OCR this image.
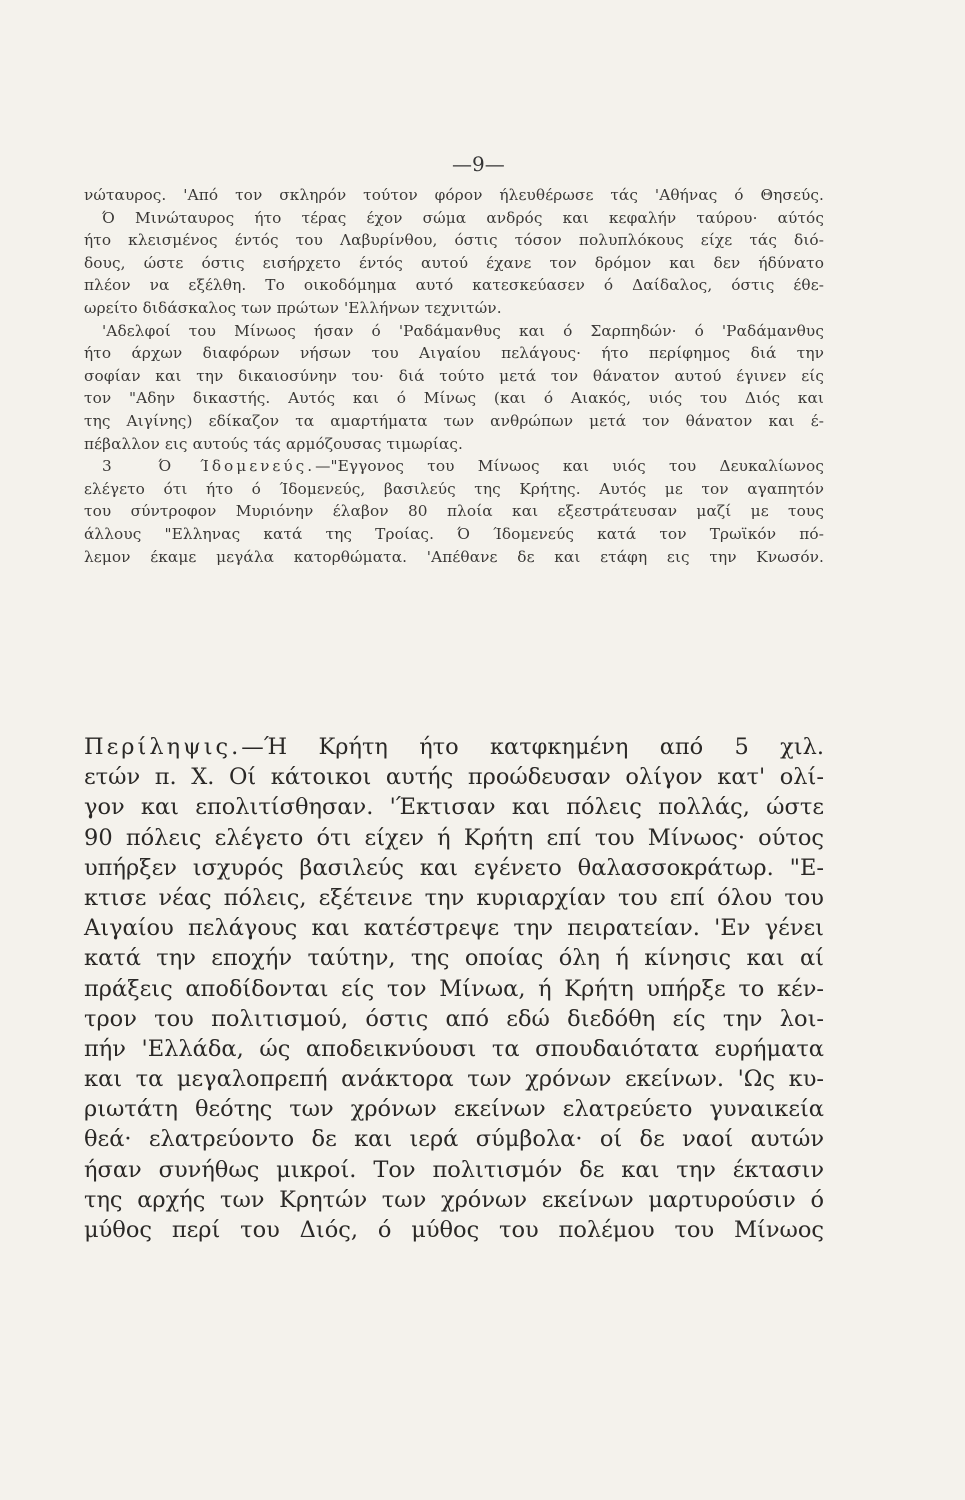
—9—
νώταυρος. 'Από τον σκληρόν τούτον φόρον ήλευθέρωσε τάς 'Αθήνας ό Θησεύς.
Ό Μινώταυρος ήτο τέρας έχον σώμα ανδρός και κεφαλήν ταύρου· αύτός
ήτο κλεισμένος έντός του Λαβυρίνθου, όστις τόσον πολυπλόκους είχε τάς διό-
δους, ώστε όστις εισήρχετο έντός αυτού έχανε τον δρόμον και δεν ήδύνατο
πλέον να εξέλθη. Το οικοδόμημα αυτό κατεσκεύασεν ό Δαίδαλος, όστις έθε-
ωρείτο διδάσκαλος των πρώτων 'Ελλήνων τεχνιτών.
'Αδελφοί του Μίνωος ήσαν ό 'Ραδάμανθυς και ό Σαρπηδών· ό 'Ραδάμανθυς
ήτο άρχων διαφόρων νήσων του Αιγαίου πελάγους· ήτο περίφημος διά την
σοφίαν και την δικαιοσύνην του· διά τούτο μετά τον θάνατον αυτού έγινεν είς
τον "Αδην δικαστής. Αυτός και ό Μίνως (και ό Αιακός, υιός του Διός και
της Αιγίνης) εδίκαζον τα αμαρτήματα των ανθρώπων μετά τον θάνατον και έ-
πέβαλλον εις αυτούς τάς αρμόζουσας τιμωρίας.
3	Ό Ίδομενεύς.—"Εγγονος του Μίνωος και υιός του Δευκαλίωνος
ελέγετο ότι ήτο ό Ίδομενεύς, βασιλεύς της Κρήτης. Αυτός με τον αγαπητόν
του σύντροφον Μυριόνην έλαβον 80 πλοία και εξεστράτευσαν μαζί με τους
άλλους "Ελληνας κατά της Τροίας. Ό Ίδομενεύς κατά τον Τρωϊκόν πό-
λεμον έκαμε μεγάλα κατορθώματα. 'Απέθανε δε και ετάφη εις την Κνωσόν.
Περίληψις.—Ή Κρήτη ήτο κατφκημένη από 5 χιλ.
ετών π. Χ. Οί κάτοικοι αυτής προώδευσαν ολίγον κατ' ολί-
γον και επολιτίσθησαν. 'Έκτισαν και πόλεις πολλάς, ώστε
90 πόλεις ελέγετο ότι είχεν ή Κρήτη επί του Μίνωος· ούτος
υπήρξεν ισχυρός βασιλεύς και εγένετο θαλασσοκράτωρ. "Ε-
κτισε νέας πόλεις, εξέτεινε την κυριαρχίαν του επί όλου του
Αιγαίου πελάγους και κατέστρεψε την πειρατείαν. 'Εν γένει
κατά την εποχήν ταύτην, της οποίας όλη ή κίνησις και αί
πράξεις αποδίδονται είς τον Μίνωα, ή Κρήτη υπήρξε το κέν-
τρον του πολιτισμού, όστις από εδώ διεδόθη είς την λοι-
πήν 'Ελλάδα, ώς αποδεικνύουσι τα σπουδαιότατα ευρήματα
και τα μεγαλοπρεπή ανάκτορα των χρόνων εκείνων. 'Ως κυ-
ριωτάτη θεότης των χρόνων εκείνων ελατρεύετο γυναικεία
θεά· ελατρεύοντο δε και ιερά σύμβολα· οί δε ναοί αυτών
ήσαν συνήθως μικροί. Τον πολιτισμόν δε και την έκτασιν
της αρχής των Κρητών των χρόνων εκείνων μαρτυρούσιν ό
μύθος περί του Διός, ό μύθος του πολέμου του Μίνωος
